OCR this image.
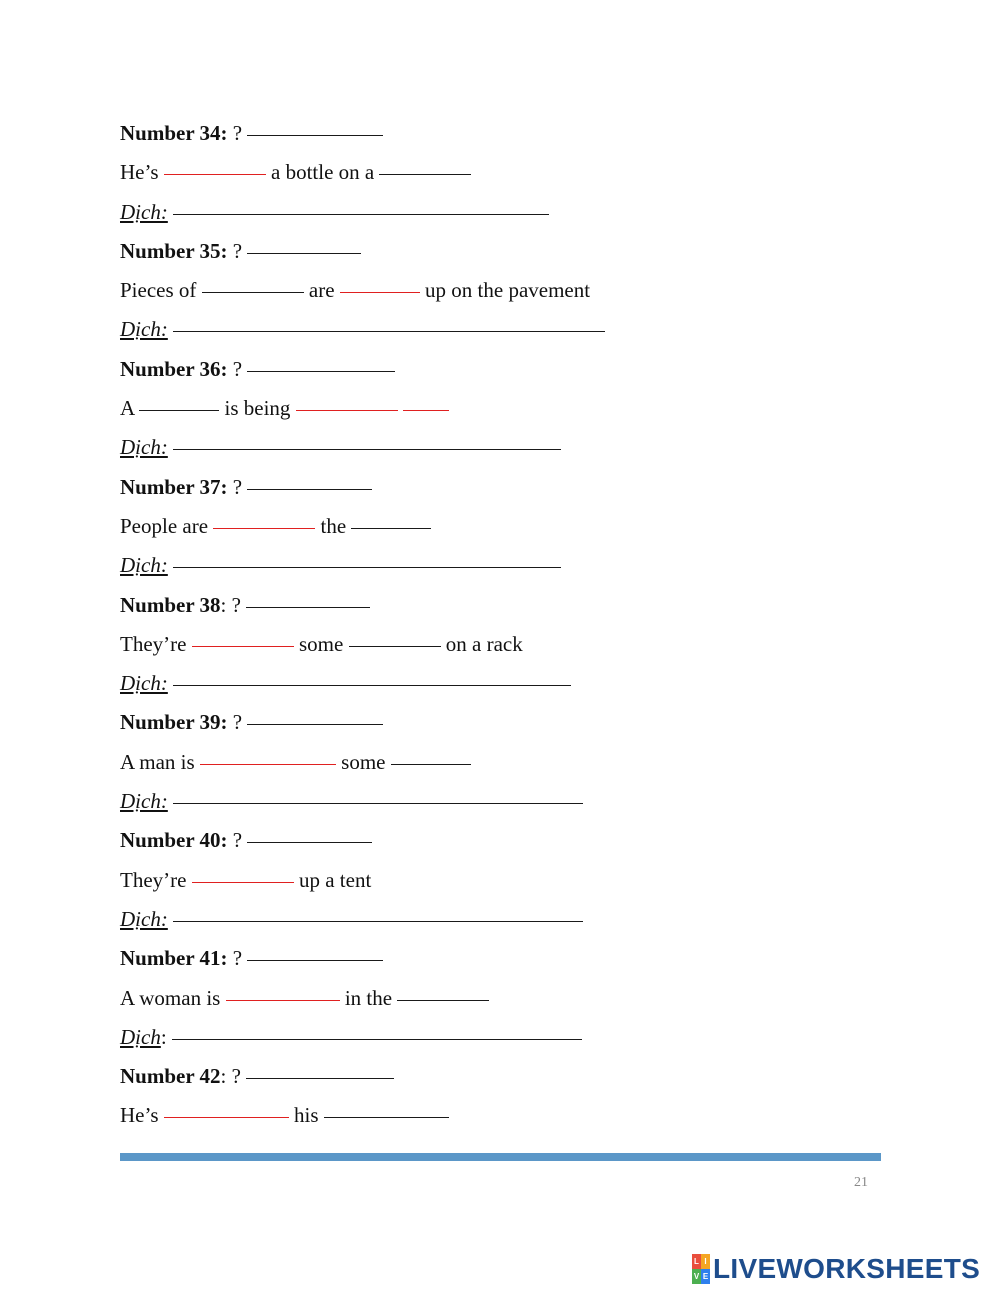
Number 34: ?
He’s	a bottle on a
Dịch:
Number 35: ?
Pieces of	are	up on the pavement
Dịch:
Number 36: ?
A	is being
Dịch:
Number 37: ?
People are	the
Dịch:
Number 38: ?
They’re	some	on a rack
Dịch:
Number 39: ?
A man is	some
Dịch:
Number 40: ?
They’re	up a tent
Dịch:
Number 41: ?
A woman is	in the
Dịch:
Number 42: ?
He’s	his
21
L I
V E LIVEWORKSHEETS
